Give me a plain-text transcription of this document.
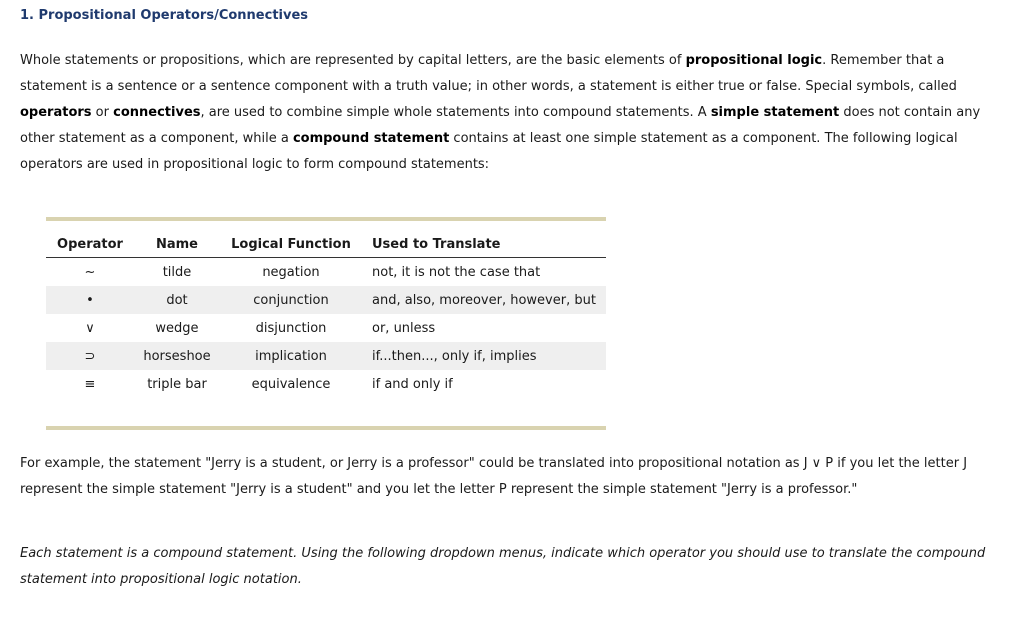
1. Propositional Operators/Connectives

Whole statements or propositions, which are represented by capital letters, are the basic elements of propositional logic. Remember that a statement is a sentence or a sentence component with a truth value; in other words, a statement is either true or false. Special symbols, called operators or connectives, are used to combine simple whole statements into compound statements. A simple statement does not contain any other statement as a component, while a compound statement contains at least one simple statement as a component. The following logical operators are used in propositional logic to form compound statements:

Operator	Name	Logical Function	Used to Translate
~	tilde	negation	not, it is not the case that
•	dot	conjunction	and, also, moreover, however, but
∨	wedge	disjunction	or, unless
⊃	horseshoe	implication	if...then..., only if, implies
≡	triple bar	equivalence	if and only if

For example, the statement "Jerry is a student, or Jerry is a professor" could be translated into propositional notation as J ∨ P if you let the letter J represent the simple statement "Jerry is a student" and you let the letter P represent the simple statement "Jerry is a professor."

Each statement is a compound statement. Using the following dropdown menus, indicate which operator you should use to translate the compound statement into propositional logic notation.
